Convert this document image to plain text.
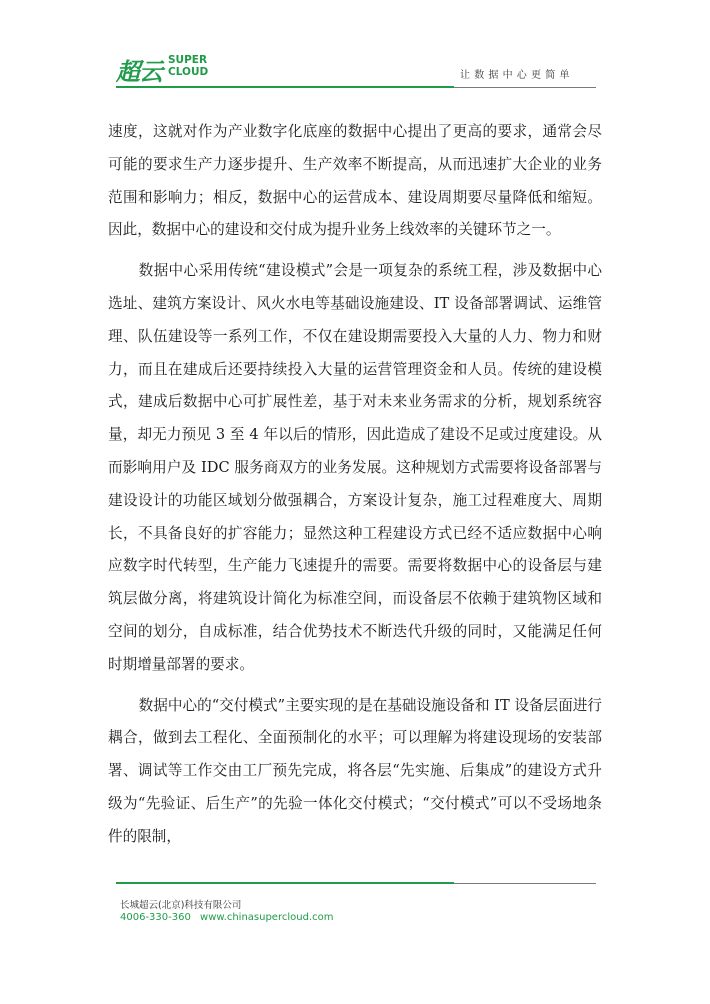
超云 SUPER
CLOUD	让数据中心更简单

速度，这就对作为产业数字化底座的数据中心提出了更高的要求，通常会尽可能的要求生产力逐步提升、生产效率不断提高，从而迅速扩大企业的业务范围和影响力；相反，数据中心的运营成本、建设周期要尽量降低和缩短。因此，数据中心的建设和交付成为提升业务上线效率的关键环节之一。

数据中心采用传统“建设模式”会是一项复杂的系统工程，涉及数据中心选址、建筑方案设计、风火水电等基础设施建设、IT 设备部署调试、运维管理、队伍建设等一系列工作，不仅在建设期需要投入大量的人力、物力和财力，而且在建成后还要持续投入大量的运营管理资金和人员。传统的建设模式，建成后数据中心可扩展性差，基于对未来业务需求的分析，规划系统容量，却无力预见 3 至 4 年以后的情形，因此造成了建设不足或过度建设。从而影响用户及 IDC 服务商双方的业务发展。这种规划方式需要将设备部署与建设设计的功能区域划分做强耦合，方案设计复杂，施工过程难度大、周期长，不具备良好的扩容能力；显然这种工程建设方式已经不适应数据中心响应数字时代转型，生产能力飞速提升的需要。需要将数据中心的设备层与建筑层做分离，将建筑设计简化为标准空间，而设备层不依赖于建筑物区域和空间的划分，自成标准，结合优势技术不断迭代升级的同时，又能满足任何时期增量部署的要求。

数据中心的“交付模式”主要实现的是在基础设施设备和 IT 设备层面进行耦合，做到去工程化、全面预制化的水平；可以理解为将建设现场的安装部署、调试等工作交由工厂预先完成，将各层“先实施、后集成”的建设方式升级为“先验证、后生产”的先验一体化交付模式；“交付模式”可以不受场地条件的限制，

长城超云(北京)科技有限公司
4006-330-360 www.chinasupercloud.com
